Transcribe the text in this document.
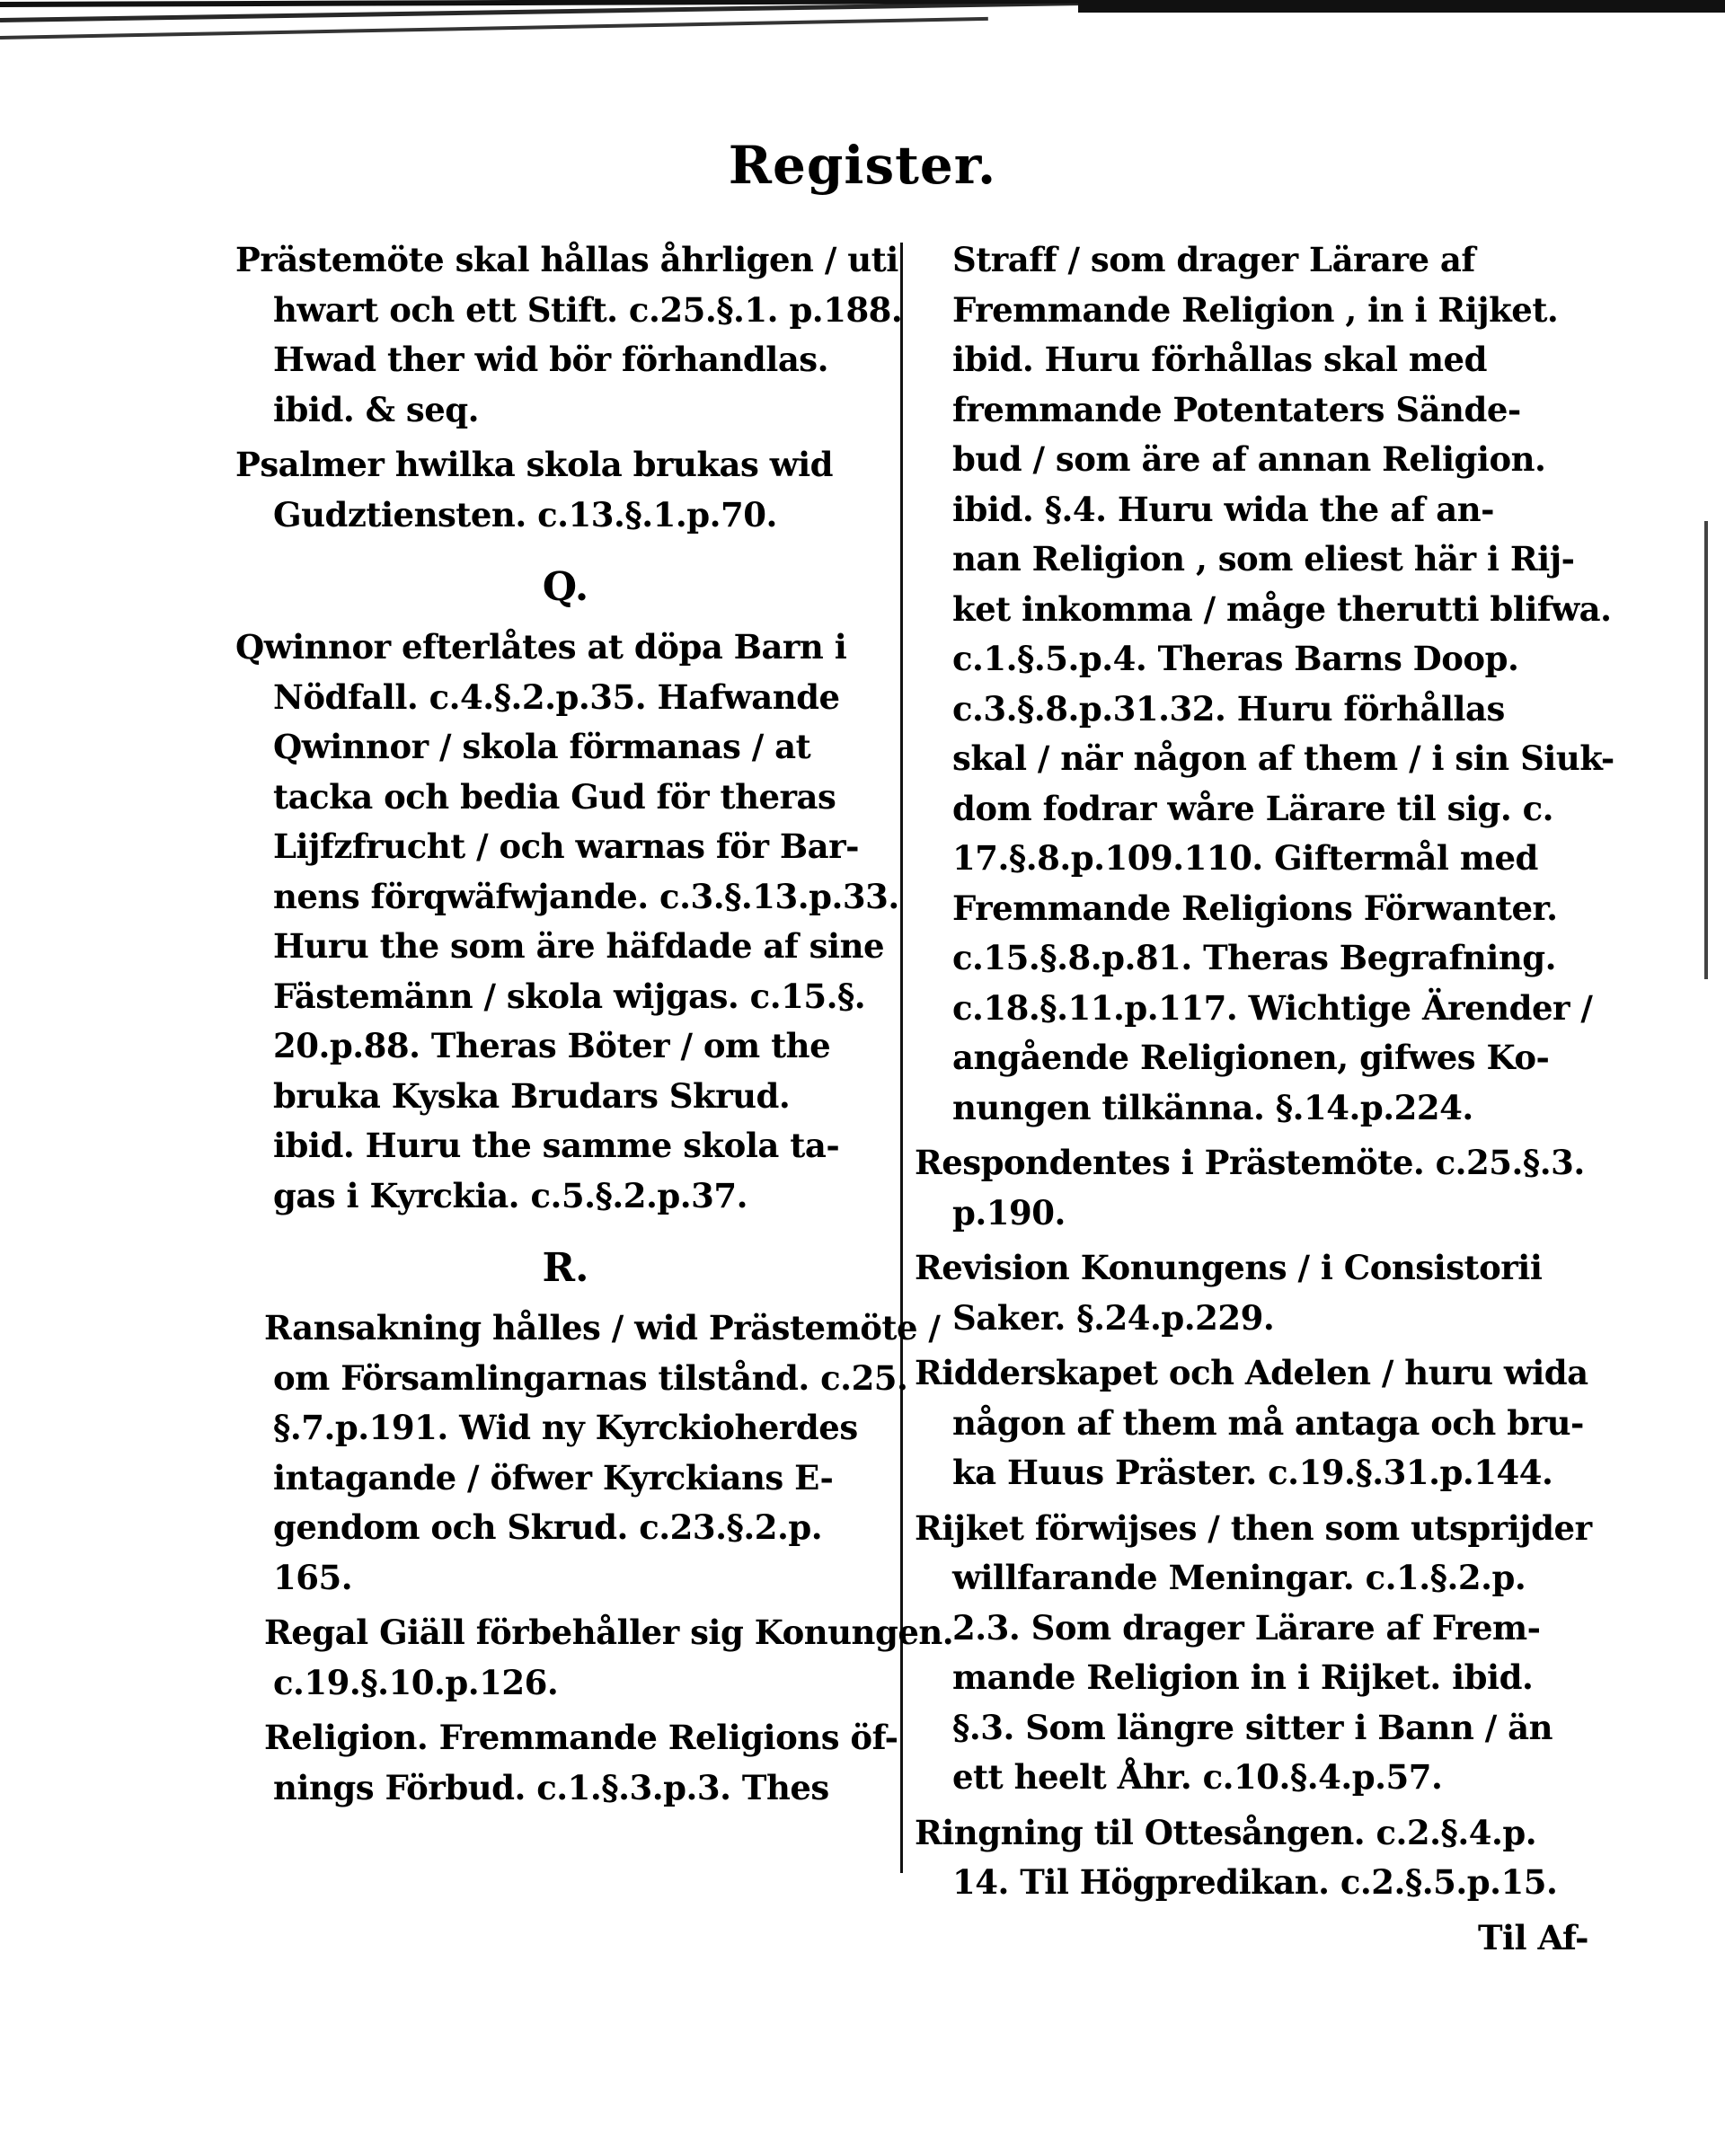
Register.
Prästemöte skal hållas åhrligen / uti
hwart och ett Stift. c.25.§.1. p.188.
Hwad ther wid bör förhandlas.
ibid. & seq.
Psalmer hwilka skola brukas wid
Gudztiensten. c.13.§.1.p.70.
Q.
Qwinnor efterlåtes at döpa Barn i
Nödfall. c.4.§.2.p.35. Hafwande
Qwinnor / skola förmanas / at
tacka och bedia Gud för theras
Lijfzfrucht / och warnas för Bar-
nens förqwäfwjande. c.3.§.13.p.33.
Huru the som äre häfdade af sine
Fästemänn / skola wijgas. c.15.§.
20.p.88. Theras Böter / om the
bruka Kyska Brudars Skrud.
ibid. Huru the samme skola ta-
gas i Kyrckia. c.5.§.2.p.37.
R.
Ransakning hålles / wid Prästemöte /
om Församlingarnas tilstånd. c.25.
§.7.p.191. Wid ny Kyrckioherdes
intagande / öfwer Kyrckians E-
gendom och Skrud. c.23.§.2.p.
165.
Regal Giäll förbehåller sig Konungen.
c.19.§.10.p.126.
Religion. Fremmande Religions öf-
nings Förbud. c.1.§.3.p.3. Thes
Straff / som drager Lärare af
Fremmande Religion , in i Rijket.
ibid. Huru förhållas skal med
fremmande Potentaters Sände-
bud / som äre af annan Religion.
ibid. §.4. Huru wida the af an-
nan Religion , som eliest här i Rij-
ket inkomma / måge therutti blifwa.
c.1.§.5.p.4. Theras Barns Doop.
c.3.§.8.p.31.32. Huru förhållas
skal / när någon af them / i sin Siuk-
dom fodrar wåre Lärare til sig. c.
17.§.8.p.109.110. Giftermål med
Fremmande Religions Förwanter.
c.15.§.8.p.81. Theras Begrafning.
c.18.§.11.p.117. Wichtige Ärender /
angående Religionen, gifwes Ko-
nungen tilkänna. §.14.p.224.
Respondentes i Prästemöte. c.25.§.3.
p.190.
Revision Konungens / i Consistorii
Saker. §.24.p.229.
Ridderskapet och Adelen / huru wida
någon af them må antaga och bru-
ka Huus Präster. c.19.§.31.p.144.
Rijket förwijses / then som utsprijder
willfarande Meningar. c.1.§.2.p.
2.3. Som drager Lärare af Frem-
mande Religion in i Rijket. ibid.
§.3. Som längre sitter i Bann / än
ett heelt Åhr. c.10.§.4.p.57.
Ringning til Ottesången. c.2.§.4.p.
14. Til Högpredikan. c.2.§.5.p.15.
Til Af-
